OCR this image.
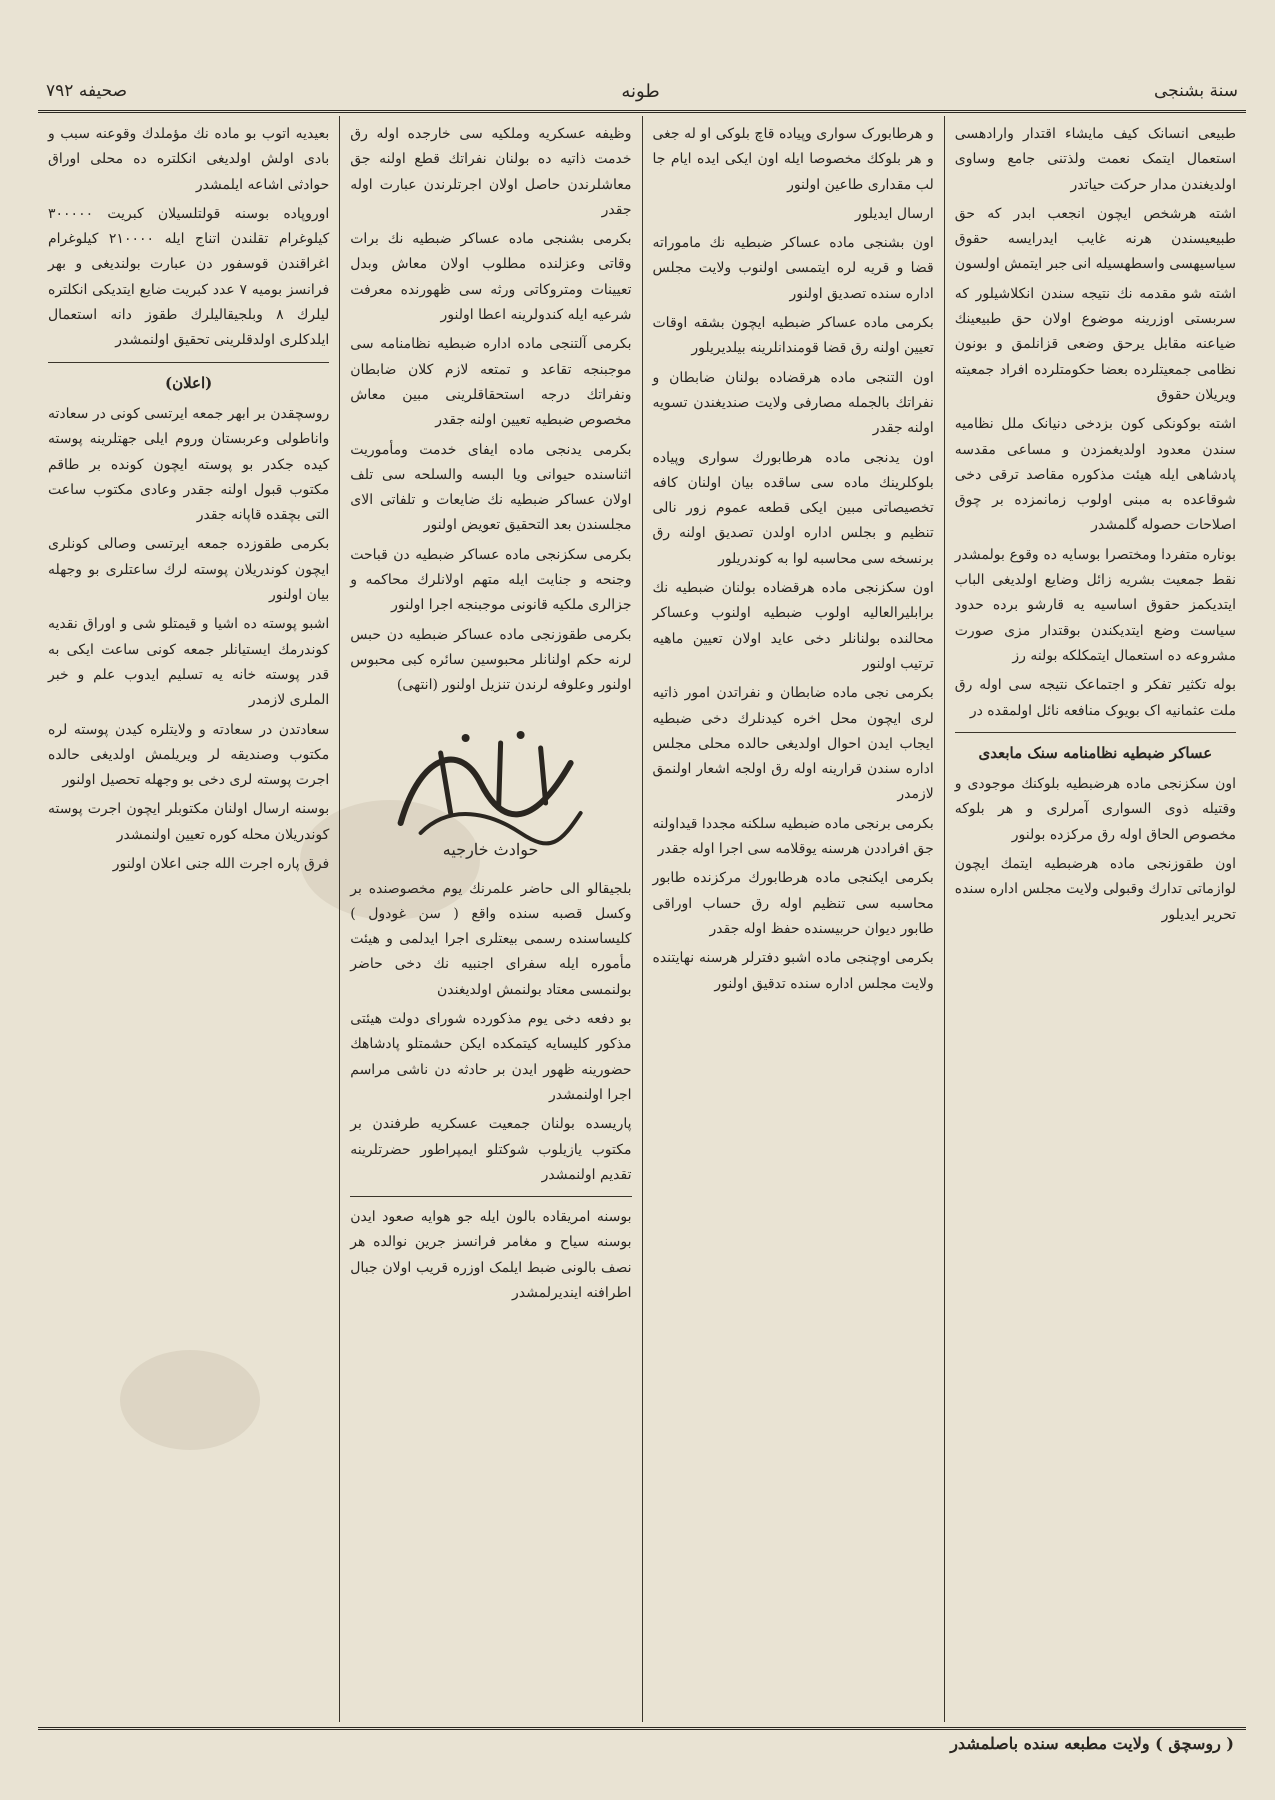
سنة بشنجی
طونه
صحیفه ۷۹۲

طبیعی انسانک کیف مایشاء اقتدار وارادهسی استعمال ایتمک نعمت ولذتنی جامع وساوی اولدیغندن مدار حرکت حیاتدر

اشته هرشخص ایچون انجعب ابدر که حق طبیعیسندن هرنه غایب ایدرایسه حقوق سیاسیهسی واسطهسیله انی جبر ایتمش اولسون

اشته شو مقدمه نك نتیجه سندن انکلاشیلور که سربستی اوزرینه موضوع اولان حق طبیعینك ضیاعنه مقابل یرحق وضعی قزانلمق و بونون نظامی جمعیتلرده بعضا حکومتلرده افراد جمعیته ویریلان حقوق

اشته بوکونکی کون بزدخی دنیانک ملل نظامیه سندن معدود اولدیغمزدن و مساعی مقدسه پادشاهی ایله هیئت مذکوره مقاصد ترقی دخی شوقاعده به مبنی اولوب زمانمزده بر چوق اصلاحات حصوله گلمشدر

بوناره متفردا ومختصرا بوسایه ده وقوع بولمشدر نقط جمعیت بشریه زائل وضایع اولدیغی الباب ایتدیکمز حقوق اساسیه یه قارشو برده حدود سیاست وضع ایتدیکندن بوقتدار مزی صورت مشروعه ده استعمال ایتمکلکه بولنه رز

بوله تکثیر تفکر و اجتماعک نتیجه سی اوله رق ملت عثمانیه اک بویوک منافعه نائل اولمقده در

عساکر ضبطیه نظامنامه سنک مابعدی

اون سکزنجی ماده هرضبطیه بلوکنك موجودی و وقتیله ذوی السواری آمرلری و هر بلوکه مخصوص الحاق اوله رق مرکزده بولنور

اون طقوزنجی ماده هرضبطیه ایتمك ایچون لوازماتی تدارك وقبولی ولایت مجلس اداره سنده تحریر ایدیلور

و هرطابورک سواری وپیاده قاچ بلوکی او له جغی و هر بلوکك مخصوصا ایله اون ایکی ایده ایام جا لب مقداری طاعین اولنور

ارسال ایدیلور

اون بشنجی ماده عساکر ضبطیه نك ماموراته قضا و قریه لره ایتمسی اولنوب ولایت مجلس اداره سنده تصدیق اولنور

بکرمی ماده عساکر ضبطیه ایچون بشقه اوقات تعیین اولنه رق قضا قومندانلرینه بیلدیریلور

اون التنجی ماده هرقضاده بولنان ضابطان و نفراتك بالجمله مصارفی ولایت صندیغندن تسویه اولنه جقدر

اون یدنجی ماده هرطابورك سواری وپیاده بلوکلرینك ماده سی ساقده بیان اولنان کافه تخصیصاتی مبین ایکی قطعه عموم زور نالی تنظیم و بجلس اداره اولدن تصدیق اولنه رق برنسخه سی محاسبه لوا به کوندریلور

اون سکزنجی ماده هرقضاده بولنان ضبطیه نك برابلیرالعالیه اولوب ضبطیه اولنوب وعساکر محالنده بولنانلر دخی عاید اولان تعیین ماهیه ترتیب اولنور

بکرمی نجی ماده ضابطان و نفراتدن امور ذاتیه لری ایچون محل اخره کیدنلرك دخی ضبطیه ایجاب ایدن احوال اولدیغی حالده محلی مجلس اداره سندن قرارینه اوله رق اولجه اشعار اولنمق لازمدر

بکرمی برنجی ماده ضبطیه سلکنه مجددا قیداولنه جق افراددن هرسنه یوقلامه سی اجرا اوله جقدر

بکرمی ایکنجی ماده هرطابورك مرکزنده طابور محاسبه سی تنظیم اوله رق حساب اوراقی طابور دیوان حربیسنده حفظ اوله جقدر

بکرمی اوچنجی ماده اشبو دفترلر هرسنه نهایتنده ولایت مجلس اداره سنده تدقیق اولنور

وظیفه عسکریه وملکیه سی خارجده اوله رق خدمت ذاتیه ده بولنان نفراتك قطع اولنه جق معاشلرندن حاصل اولان اجرتلرندن عبارت اوله جقدر

بکرمی بشنجی ماده عساکر ضبطیه نك برات وقاتی وعزلنده مطلوب اولان معاش وبدل تعیینات ومتروکاتی ورثه سی ظهورنده معرفت شرعیه ایله کندولرینه اعطا اولنور

بکرمی آلتنجی ماده اداره ضبطیه نظامنامه سی موجبنجه تقاعد و تمتعه لازم کلان ضابطان ونفراتك درجه استحقاقلرینی مبین معاش مخصوص ضبطیه تعیین اولنه جقدر

بکرمی یدنجی ماده ایفای خدمت ومأموریت اثناسنده حیوانی ویا البسه والسلحه سی تلف اولان عساکر ضبطیه نك ضایعات و تلفاتی الای مجلسندن بعد التحقیق تعویض اولنور

بکرمی سکزنجی ماده عساکر ضبطیه دن قباحت وجنحه و جنایت ایله متهم اولانلرك محاکمه و جزالری ملکیه قانونی موجبنجه اجرا اولنور

بکرمی طقوزنجی ماده عساکر ضبطیه دن حبس لرنه حکم اولنانلر محبوسین سائره کبی محبوس اولنور وعلوفه لرندن تنزیل اولنور (انتهی)

حوادث خارجیه

بلجیقالو الی حاضر علمرنك یوم مخصوصنده بر وکسل قصبه سنده واقع ( سن غودول ) کلیساسنده رسمی بیعتلری اجرا ایدلمی و هیئت مأموره ایله سفرای اجنبیه نك دخی حاضر بولنمسی معتاد بولنمش اولدیغندن

بو دفعه دخی یوم مذکورده شورای دولت هیئتی مذکور کلیسایه کیتمکده ایکن حشمتلو پادشاهك حضورینه ظهور ایدن بر حادثه دن ناشی مراسم اجرا اولنمشدر

پاریسده بولنان جمعیت عسکریه طرفندن بر مکتوب یازیلوب شوکتلو ایمپراطور حضرتلرینه تقدیم اولنمشدر

بوسنه امریقاده بالون ایله جو هوایه صعود ایدن بوسنه سیاح و مغامر فرانسز جرین نوالده هر نصف بالونی ضبط ایلمک اوزره قریب اولان جبال اطرافنه ایندیرلمشدر

بعیدیه اتوب بو ماده نك مؤملدك وقوعنه سبب و بادی اولش اولدیغی انکلتره ده محلی اوراق حوادثی اشاعه ایلمشدر

اوروپاده بوسنه قولتلسیلان کبریت ۳۰۰۰۰۰ کیلوغرام تقلندن اتناج ایله ۲۱۰۰۰۰ کیلوغرام اغراقندن قوسفور دن عبارت بولندیغی و بهر فرانسز بومیه ۷ عدد کبریت ضایع ایتدیکی انکلتره لیلرك ۸ وبلجیقالیلرك طقوز دانه استعمال ایلدکلری اولدقلرینی تحقیق اولنمشدر

(اعلان)

روسچقدن بر ابهر جمعه ایرتسی کونی در سعادته واناطولی وعربستان وروم ایلی جهتلرینه پوسته کیده جکدر بو پوسته ایچون کونده بر طاقم مکتوب قبول اولنه جقدر وعادی مکتوب ساعت التی بچقده قاپانه جقدر

بکرمی طقوزده جمعه ایرتسی وصالی کونلری ایچون کوندریلان پوسته لرك ساعتلری بو وجهله بیان اولنور

اشبو پوسته ده اشیا و قیمتلو شی و اوراق نقدیه کوندرمك ایستیانلر جمعه کونی ساعت ایکی به قدر پوسته خانه یه تسلیم ایدوب علم و خبر الملری لازمدر

سعادتدن در سعادته و ولایتلره کیدن پوسته لره مکتوب وصندیقه لر ویریلمش اولدیغی حالده اجرت پوسته لری دخی بو وجهله تحصیل اولنور

بوسنه ارسال اولنان مکتوبلر ایچون اجرت پوسته کوندریلان محله کوره تعیین اولنمشدر

فرق پاره اجرت الله جنی اعلان اولنور

( روسچق ) ولایت مطبعه سنده باصلمشدر
